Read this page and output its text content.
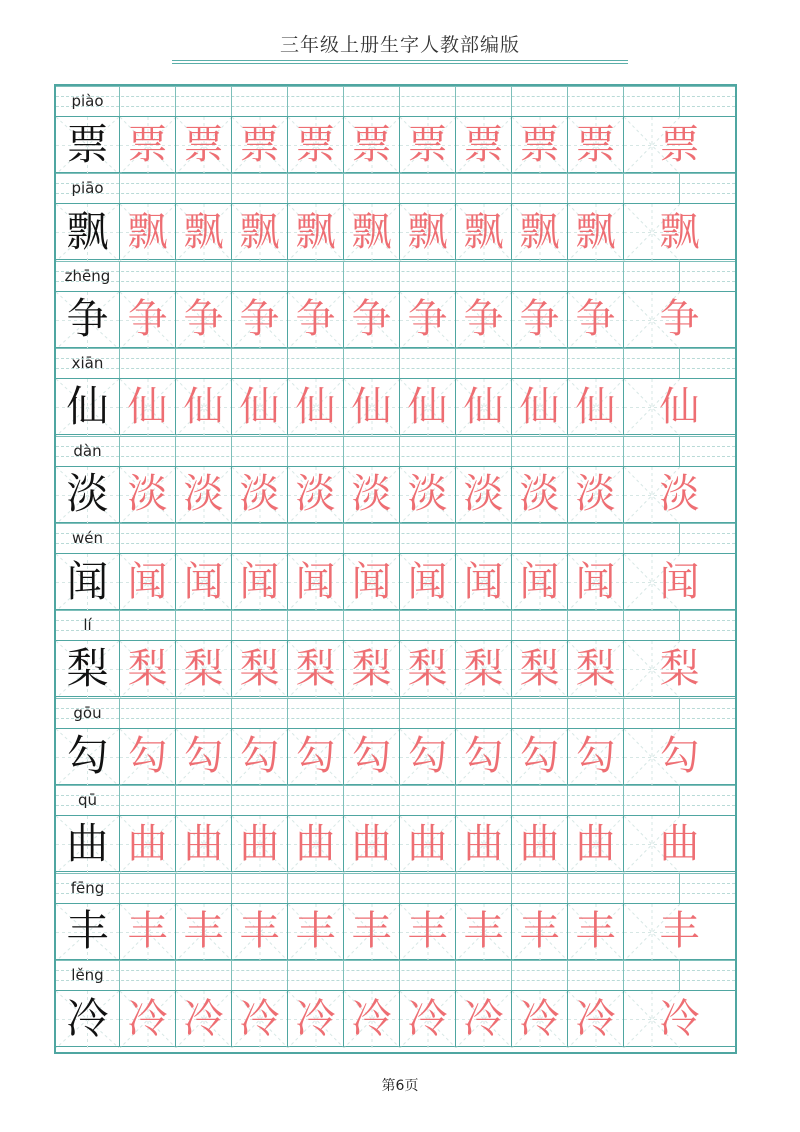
三年级上册生字人教部编版
piào
票 票 票 票 票 票 票 票 票 票	票
piāo
飘 飘 飘 飘 飘 飘 飘 飘 飘 飘	飘
zhēng
争 争 争 争 争 争 争 争 争 争	争
xiān
仙 仙 仙 仙 仙 仙 仙 仙 仙 仙	仙
dàn
淡 淡 淡 淡 淡 淡 淡 淡 淡 淡	淡
wén
闻 闻 闻 闻 闻 闻 闻 闻 闻 闻	闻
lí
梨 梨 梨 梨 梨 梨 梨 梨 梨 梨	梨
gōu
勾 勾 勾 勾 勾 勾 勾 勾 勾 勾	勾
qū
曲 曲 曲 曲 曲 曲 曲 曲 曲 曲	曲
fēng
丰 丰 丰 丰 丰 丰 丰 丰 丰 丰	丰
lěng
冷 冷 冷 冷 冷 冷 冷 冷 冷 冷	冷
第6页
